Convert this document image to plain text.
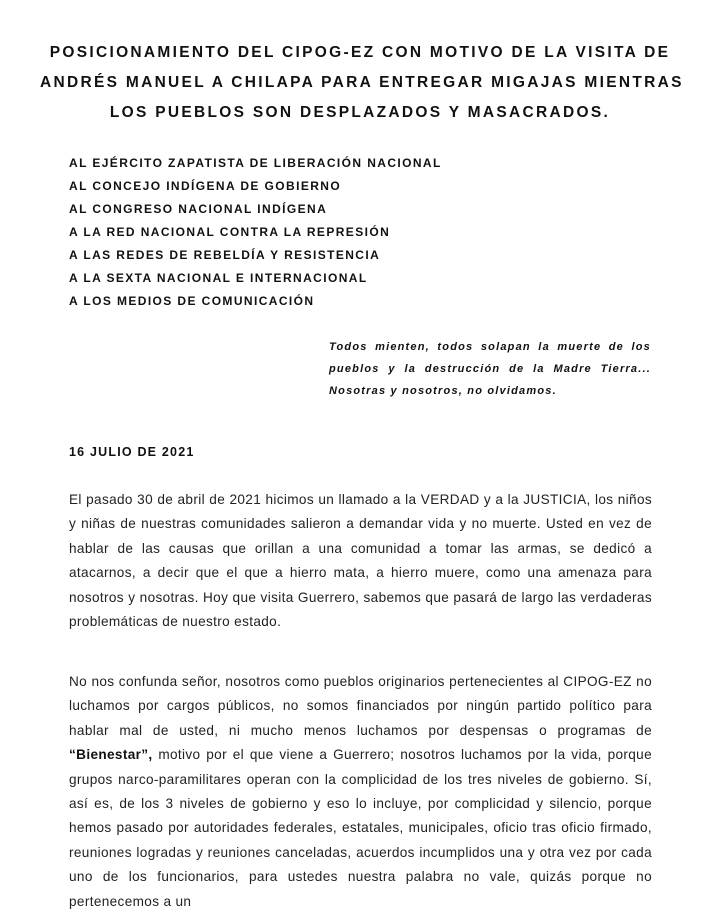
POSICIONAMIENTO DEL CIPOG-EZ CON MOTIVO DE LA VISITA DE
ANDRÉS MANUEL A CHILAPA PARA ENTREGAR MIGAJAS MIENTRAS
LOS PUEBLOS SON DESPLAZADOS Y MASACRADOS.
AL EJÉRCITO ZAPATISTA DE LIBERACIÓN NACIONAL
AL CONCEJO INDÍGENA DE GOBIERNO
AL CONGRESO NACIONAL INDÍGENA
A LA RED NACIONAL CONTRA LA REPRESIÓN
A LAS REDES DE REBELDÍA Y RESISTENCIA
A LA SEXTA NACIONAL E INTERNACIONAL
A LOS MEDIOS DE COMUNICACIÓN
Todos mienten, todos solapan la muerte de los pueblos y la destrucción de la Madre Tierra... Nosotras y nosotros, no olvidamos.
16 JULIO DE 2021
El pasado 30 de abril de 2021 hicimos un llamado a la VERDAD y a la JUSTICIA, los niños y niñas de nuestras comunidades salieron a demandar vida y no muerte. Usted en vez de hablar de las causas que orillan a una comunidad a tomar las armas, se dedicó a atacarnos, a decir que el que a hierro mata, a hierro muere, como una amenaza para nosotros y nosotras. Hoy que visita Guerrero, sabemos que pasará de largo las verdaderas problemáticas de nuestro estado.
No nos confunda señor, nosotros como pueblos originarios pertenecientes al CIPOG-EZ no luchamos por cargos públicos, no somos financiados por ningún partido político para hablar mal de usted, ni mucho menos luchamos por despensas o programas de “Bienestar”, motivo por el que viene a Guerrero; nosotros luchamos por la vida, porque grupos narco-paramilitares operan con la complicidad de los tres niveles de gobierno. Sí, así es, de los 3 niveles de gobierno y eso lo incluye, por complicidad y silencio, porque hemos pasado por autoridades federales, estatales, municipales, oficio tras oficio firmado, reuniones logradas y reuniones canceladas, acuerdos incumplidos una y otra vez por cada uno de los funcionarios, para ustedes nuestra palabra no vale, quizás porque no pertenecemos a un
